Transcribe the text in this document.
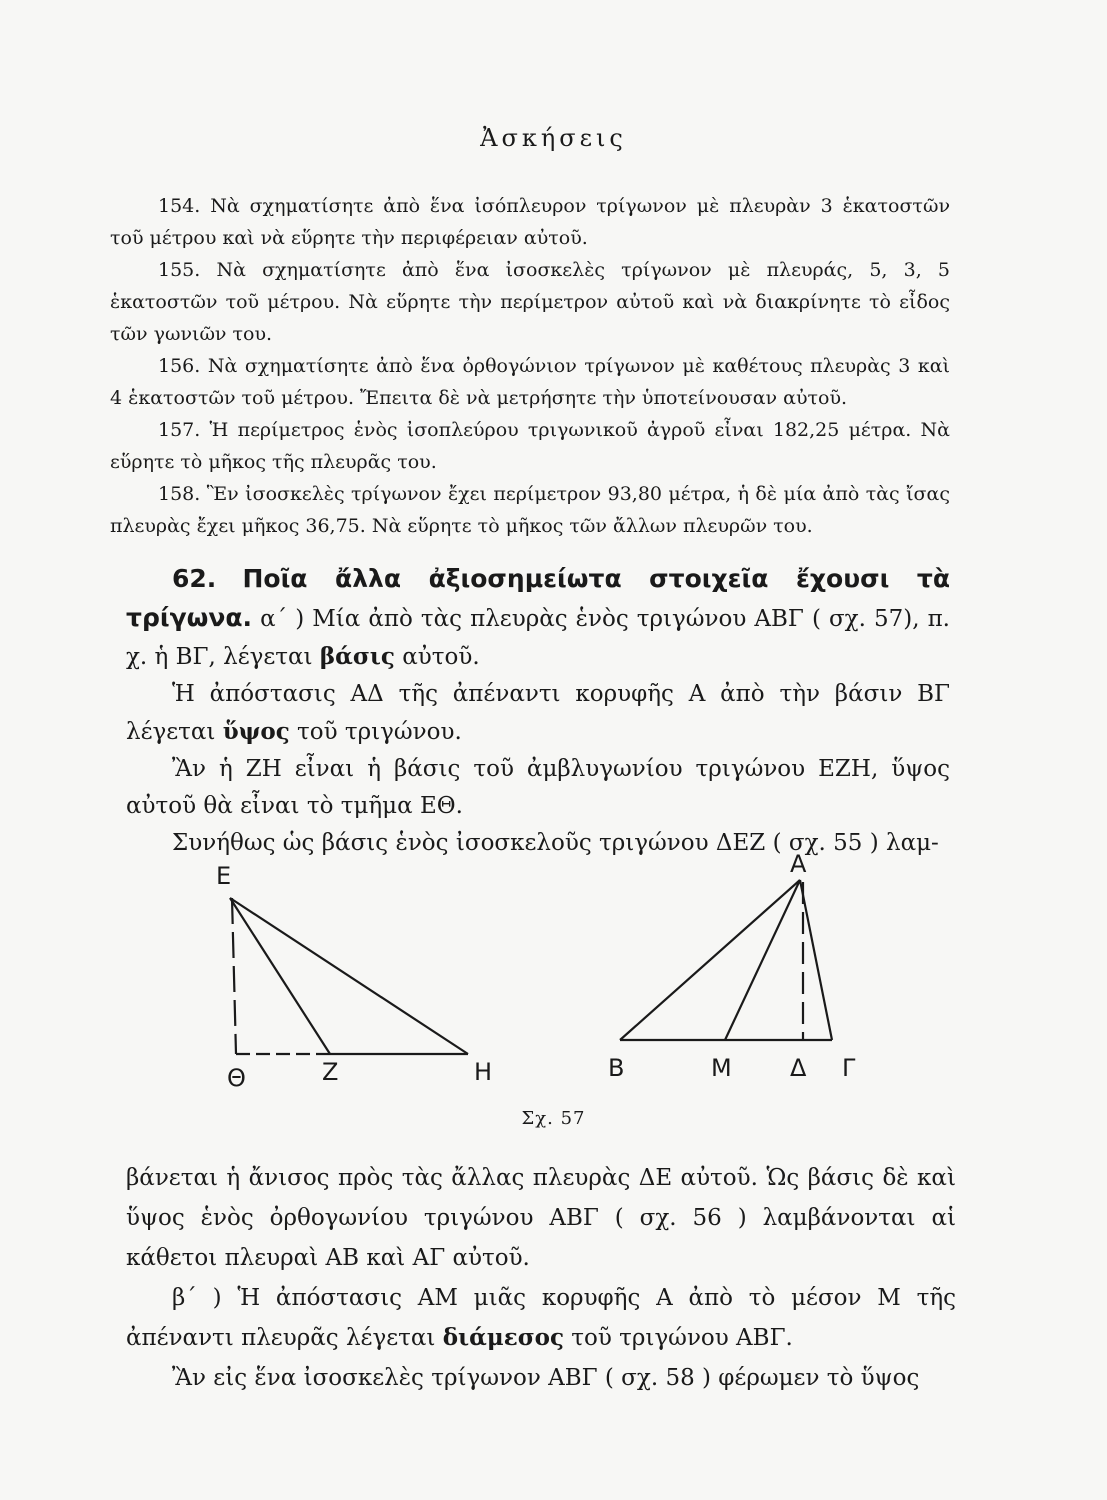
Ἀσκήσεις

154. Νὰ σχηματίσητε ἀπὸ ἕνα ἰσόπλευρον τρίγωνον μὲ πλευρὰν 3 ἑκατοστῶν τοῦ μέτρου καὶ νὰ εὕρητε τὴν περιφέρειαν αὐτοῦ.

155. Νὰ σχηματίσητε ἀπὸ ἕνα ἰσοσκελὲς τρίγωνον μὲ πλευράς, 5, 3, 5 ἑκατοστῶν τοῦ μέτρου. Νὰ εὕρητε τὴν περίμετρον αὐτοῦ καὶ νὰ διακρίνητε τὸ εἶδος τῶν γωνιῶν του.

156. Νὰ σχηματίσητε ἀπὸ ἕνα ὀρθογώνιον τρίγωνον μὲ καθέτους πλευρὰς 3 καὶ 4 ἑκατοστῶν τοῦ μέτρου. Ἔπειτα δὲ νὰ μετρήσητε τὴν ὑποτείνουσαν αὐτοῦ.

157. Ἡ περίμετρος ἑνὸς ἰσοπλεύρου τριγωνικοῦ ἀγροῦ εἶναι 182,25 μέτρα. Νὰ εὕρητε τὸ μῆκος τῆς πλευρᾶς του.

158. Ἓν ἰσοσκελὲς τρίγωνον ἔχει περίμετρον 93,80 μέτρα, ἡ δὲ μία ἀπὸ τὰς ἴσας πλευρὰς ἔχει μῆκος 36,75. Νὰ εὕρητε τὸ μῆκος τῶν ἄλλων πλευρῶν του.

62. Ποῖα ἄλλα ἀξιοσημείωτα στοιχεῖα ἔχουσι τὰ τρίγωνα. α΄ ) Μία ἀπὸ τὰς πλευρὰς ἑνὸς τριγώνου ΑΒΓ ( σχ. 57), π. χ. ἡ ΒΓ, λέγεται βάσις αὐτοῦ.

Ἡ ἀπόστασις ΑΔ τῆς ἀπέναντι κορυφῆς Α ἀπὸ τὴν βάσιν ΒΓ λέγεται ὕψος τοῦ τριγώνου.

Ἂν ἡ ΖΗ εἶναι ἡ βάσις τοῦ ἀμβλυγωνίου τριγώνου ΕΖΗ, ὕψος αὐτοῦ θὰ εἶναι τὸ τμῆμα ΕΘ.

Συνήθως ὡς βάσις ἑνὸς ἰσοσκελοῦς τριγώνου ΔΕΖ ( σχ. 55 ) λαμ-

E
Θ	Z	H
A
B	M Δ Γ
Σχ. 57

βάνεται ἡ ἄνισος πρὸς τὰς ἄλλας πλευρὰς ΔΕ αὐτοῦ. Ὡς βάσις δὲ καὶ ὕψος ἑνὸς ὀρθογωνίου τριγώνου ΑΒΓ ( σχ. 56 ) λαμβάνονται αἱ κάθετοι πλευραὶ ΑΒ καὶ ΑΓ αὐτοῦ.

β΄ ) Ἡ ἀπόστασις ΑΜ μιᾶς κορυφῆς Α ἀπὸ τὸ μέσον Μ τῆς ἀπέναντι πλευρᾶς λέγεται διάμεσος τοῦ τριγώνου ΑΒΓ.

Ἂν εἰς ἕνα ἰσοσκελὲς τρίγωνον ΑΒΓ ( σχ. 58 ) φέρωμεν τὸ ὕψος
